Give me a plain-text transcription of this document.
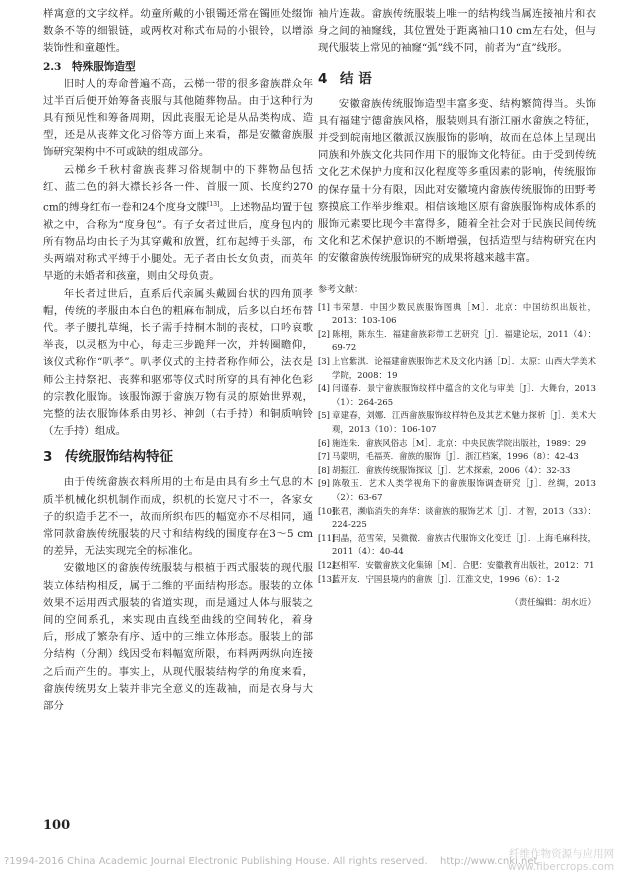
样寓意的文字纹样。幼童所戴的小银镯还常在镯匝处缀饰数条不等的细银链，或两枚对称式布局的小银铃，以增添装饰性和童趣性。

2.3　特殊服饰造型

旧时人的寿命普遍不高，云梯一带的很多畲族群众年过半百后便开始筹备丧服与其他随葬物品。由于这种行为具有预见性和筹备周期，因此丧服无论是从品类构成、造型，还是从丧葬文化习俗等方面上来看，都是安徽畲族服饰研究架构中不可或缺的组成部分。

云梯乡千秋村畲族丧葬习俗规制中的下葬物品包括红、蓝二色的斜大襟长衫各一件、首服一顶、长度约270 cm的缚身红布一卷和24个度身文牒[13]。上述物品均置于包袱之中，合称为“度身包”。有子女者过世后，度身包内的所有物品均由长子为其穿戴和放置，红布起缚于头部，布头两端对称式平缚于小腿处。无子者由长女负责，而英年早逝的未婚者和孩童，则由父母负责。

年长者过世后，直系后代亲属头戴圆台状的四角顶孝帽，传统的孝服由本白色的粗麻布制成，后多以白坯布替代。孝子腰扎草绳，长子需手持桐木制的丧杖，口吟哀歌举丧，以灵柩为中心，每走三步跪拜一次，并转圈瞻仰，该仪式称作“叭孝”。叭孝仪式的主持者称作师公，法衣是师公主持祭祀、丧葬和驱邪等仪式时所穿的具有神化色彩的宗教化服饰。该服饰源于畲族万物有灵的原始世界观，完整的法衣服饰体系由男衫、神剑（右手持）和铜质响铃（左手持）组成。

3 传统服饰结构特征

由于传统畲族衣料所用的土布是由具有乡土气息的木质半机械化织机制作而成，织机的长宽尺寸不一，各家女子的织造手艺不一，故而所织布匹的幅宽亦不尽相同，通常同款畲族传统服装的尺寸和结构线的围度存在3～5 cm的差异，无法实现完全的标准化。

安徽地区的畲族传统服装与根植于西式服装的现代服装立体结构相反，属于二维的平面结构形态。服装的立体效果不运用西式服装的省道实现，而是通过人体与服装之间的空间系孔，来实现由直线至曲线的空间转化，着身后，形成了繁杂有序、适中的三维立体形态。服装上的部分结构（分割）线因受布料幅宽所限，布料两两纵向连接之后而产生的。事实上，从现代服装结构学的角度来看，畲族传统男女上装并非完全意义的连裁袖，而是衣身与大部分

袖片连裁。畲族传统服装上唯一的结构线当属连接袖片和衣身之间的袖窿线，其位置处于距离袖口10 cm左右处，但与现代服装上常见的袖窿“弧”线不同，前者为“直”线形。

4 结 语

安徽畲族传统服饰造型丰富多变、结构繁简得当。头饰具有福建宁德畲族风格，服装则具有浙江丽水畲族之特征，并受到皖南地区徽派汉族服饰的影响，故而在总体上呈现出同族和外族文化共同作用下的服饰文化特征。由于受到传统文化艺术保护力度和汉化程度等多重因素的影响，传统服饰的保存量十分有限，因此对安徽境内畲族传统服饰的田野考察摸底工作举步维艰。相信该地区原有畲族服饰构成体系的服饰元素要比现今丰富得多，随着全社会对于民族民间传统文化和艺术保护意识的不断增强，包括造型与结构研究在内的安徽畲族传统服饰研究的成果将越来越丰富。

参考文献：
[1] 韦荣慧．中国少数民族服饰图典［M］．北京：中国纺织出版社，2013：103-106
[2] 陈栩，陈东生．福建畲族彩带工艺研究［J］．福建论坛，2011（4）：69-72
[3] 上官紫淇．论福建畲族服饰艺术及文化内涵［D］．太原：山西大学美术学院，2008：19
[4] 闫谨春．景宁畲族服饰纹样中蕴含的文化与审美［J］．大舞台，2013（1）：264-265
[5] 章建春，刘娜．江西畲族服饰纹样特色及其艺术魅力探析［J］．美术大观，2013（10）：106-107
[6] 施连朱．畲族风俗志［M］．北京：中央民族学院出版社，1989：29
[7] 马蒙明，毛福英．畲族的服饰［J］．浙江档案，1996（8）：42-43
[8] 胡振江．畲族传统服饰探议［J］．艺术探索，2006（4）：32-33
[9] 陈敬玉．艺术人类学视角下的畲族服饰调查研究［J］．丝绸，2013（2）：63-67
[10]张君，濒临消失的奔华：谈畲族的服饰艺术［J］．才智，2013（33）：224-225
[11]闫晶，范雪荣，吴微微．畲族古代服饰文化变迁［J］．上海毛麻科技，2011（4）：40-44
[12]赵相军．安徽畲族文化集锦［M］．合肥：安徽教育出版社，2012：71
[13]蓝开友．宁国县境内的畲族［J］．江淮文史，1996（6）：1-2
（责任编辑：胡水近）
100
?1994-2016 China Academic Journal Electronic Publishing House. All rights reserved. http://www.cnki.net
纤维作物资源与应用网
www.fibercrops.com
